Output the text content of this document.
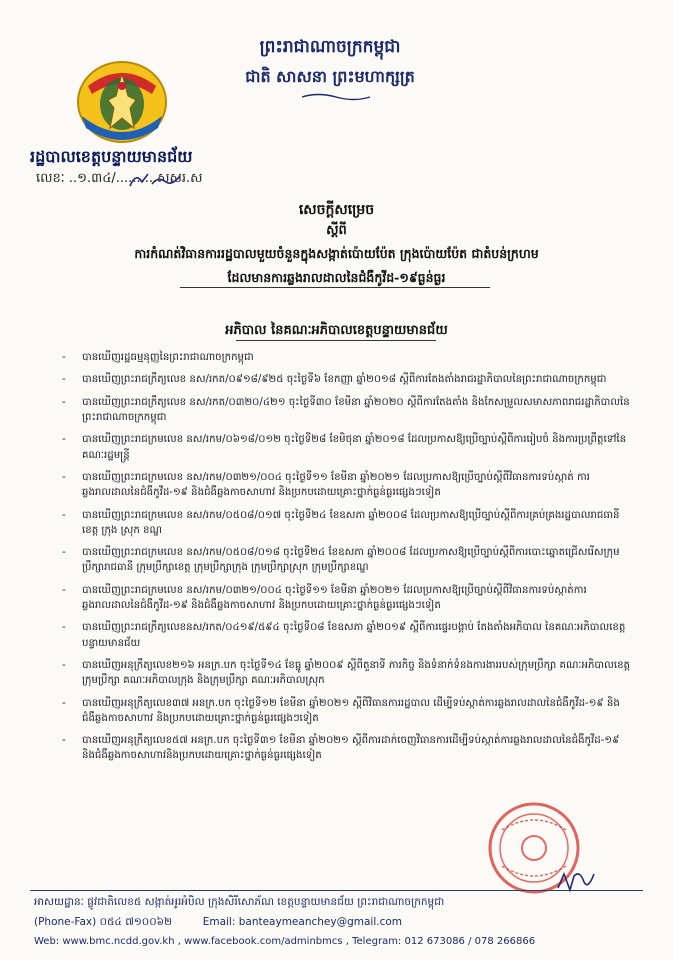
ព្រះរាជាណាចក្រកម្ពុជា
ជាតិ សាសនា ព្រះមហាក្សត្រ
រដ្ឋបាលខេត្តបន្ទាយមានជ័យ
លេខៈ ..១.៣៤/..........សសរ.ស
សេចក្តីសម្រេច
ស្តីពី
ការកំណត់វិធានការរដ្ឋបាលមួយចំនួនក្នុងសង្កាត់ប៉ោយប៉ែត ក្រុងប៉ោយប៉ែត ជាតំបន់ក្រហម
ដែលមានការឆ្លងរាលដាលនៃជំងឺកូវីដ-១៩ធ្ងន់ធ្ងរ
អភិបាល នៃគណៈអភិបាលខេត្តបន្ទាយមានជ័យ
- បានឃើញរដ្ឋធម្មនុញ្ញនៃព្រះរាជាណាចក្រកម្ពុជា
- បានឃើញព្រះរាជក្រឹត្យលេខ នស/រកត/០៩១៨/៩២៥ ចុះថ្ងៃទី៦ ខែកញ្ញា ឆ្នាំ២០១៨ ស្តីពីការតែងតាំងរាជរដ្ឋាភិបាលនៃព្រះរាជាណាចក្រកម្ពុជា
- បានឃើញព្រះរាជក្រឹត្យលេខ នស/រកត/០៣២០/៤២១ ចុះថ្ងៃទី៣០ ខែមីនា ឆ្នាំ២០២០ ស្តីពីការតែងតាំង និងកែសម្រួលសមាសភាពរាជរដ្ឋាភិបាលនៃព្រះរាជាណាចក្រកម្ពុជា
- បានឃើញព្រះរាជក្រមលេខ នស/រកម/០៦១៨/០១២ ចុះថ្ងៃទី២៨ ខែមិថុនា ឆ្នាំ២០១៨ ដែលប្រកាសឱ្យប្រើច្បាប់ស្តីពីការរៀបចំ និងការប្រព្រឹត្តទៅនៃគណៈរដ្ឋមន្ត្រី
- បានឃើញព្រះរាជក្រមលេខ នស/រកម/០៣២១/០០៤ ចុះថ្ងៃទី១១ ខែមីនា ឆ្នាំ២០២១ ដែលប្រកាសឱ្យប្រើច្បាប់ស្តីពីវិធានការទប់ស្កាត់ ការឆ្លងរាលដាលនៃជំងឺកូវីដ-១៩ និងជំងឺឆ្លងកាចសាហាវ និងប្រកបដោយគ្រោះថ្នាក់ធ្ងន់ធ្ងរផ្សេងៗទៀត
- បានឃើញព្រះរាជក្រមលេខ នស/រកម/០៥០៨/០១៧ ចុះថ្ងៃទី២៤ ខែឧសភា ឆ្នាំ២០០៨ ដែលប្រកាសឱ្យប្រើច្បាប់ស្តីពីការគ្រប់គ្រងរដ្ឋបាលរាជធានី ខេត្ត ក្រុង ស្រុក ខណ្ឌ
- បានឃើញព្រះរាជក្រមលេខ នស/រកម/០៥០៨/០១៨ ចុះថ្ងៃទី២៤ ខែឧសភា ឆ្នាំ២០០៨ ដែលប្រកាសឱ្យប្រើច្បាប់ស្តីពីការបោះឆ្នោតជ្រើសរើសក្រុមប្រឹក្សារាជធានី ក្រុមប្រឹក្សាខេត្ត ក្រុមប្រឹក្សាក្រុង ក្រុមប្រឹក្សាស្រុក ក្រុមប្រឹក្សាខណ្ឌ
- បានឃើញព្រះរាជក្រមលេខ នស/រកម/០៣២១/០០៤ ចុះថ្ងៃទី១១ ខែមីនា ឆ្នាំ២០២១ ដែលប្រកាសឱ្យប្រើច្បាប់ស្តីពីវិធានការទប់ស្កាត់ការឆ្លងរាលដាលនៃជំងឺកូវីដ-១៩ និងជំងឺឆ្លងកាចសាហាវ និងប្រកបដោយគ្រោះថ្នាក់ធ្ងន់ធ្ងរផ្សេងៗទៀត
- បានឃើញព្រះរាជក្រឹត្យលេខនស/រកត/០៤១៩/៥៩៤ ចុះថ្ងៃទី០៨ ខែឧសភា ឆ្នាំ២០១៩ ស្តីពីការផ្ទេរបង្គាប់ តែងតាំងអភិបាល នៃគណៈអភិបាលខេត្តបន្ទាយមានជ័យ
- បានឃើញអនុក្រឹត្យលេខ២១៦ អនក្រ.បក ចុះថ្ងៃទី១៤ ខែធ្នូ ឆ្នាំ២០០៩ ស្តីពីតួនាទី ភារកិច្ច និងទំនាក់ទំនងការងាររបស់ក្រុមប្រឹក្សា គណៈអភិបាលខេត្ត ក្រុមប្រឹក្សា គណៈអភិបាលក្រុង និងក្រុមប្រឹក្សា គណៈអភិបាលស្រុក
- បានឃើញអនុក្រឹត្យលេខ៣៧ អនក្រ.បក ចុះថ្ងៃទី១២ ខែមីនា ឆ្នាំ២០២១ ស្តីពីវិធានការរដ្ឋបាល ដើម្បីទប់ស្កាត់ការឆ្លងរាលដាលនៃជំងឺកូវីដ-១៩ និងជំងឺឆ្លងកាចសាហាវ និងប្រកបដោយគ្រោះថ្នាក់ធ្ងន់ធ្ងរផ្សេងៗទៀត
- បានឃើញអនុក្រឹត្យលេខ៥៧ អនក្រ.បក ចុះថ្ងៃទី៣១ ខែមីនា ឆ្នាំ២០២១ ស្តីពីការដាក់ចេញវិធានការដើម្បីទប់ស្កាត់ការឆ្លងរាលដាលនៃជំងឺកូវីដ-១៩ និងជំងឺឆ្លងកាចសាហាវនិងប្រកបដោយគ្រោះថ្នាក់ធ្ងន់ធ្ងរផ្សេងទៀត
អាសយដ្ឋានៈ ផ្លូវជាតិលេខ៥ សង្កាត់អូរអំបិល ក្រុងសិរីសោភ័ណ ខេត្តបន្ទាយមានជ័យ ព្រះរាជាណាចក្រកម្ពុជា
(Phone-Fax) ០៥៤ ៧១០០៦២	Email: banteaymeanchey@gmail.com
Web: www.bmc.ncdd.gov.kh , www.facebook.com/adminbmcs , Telegram: 012 673086 / 078 266866
